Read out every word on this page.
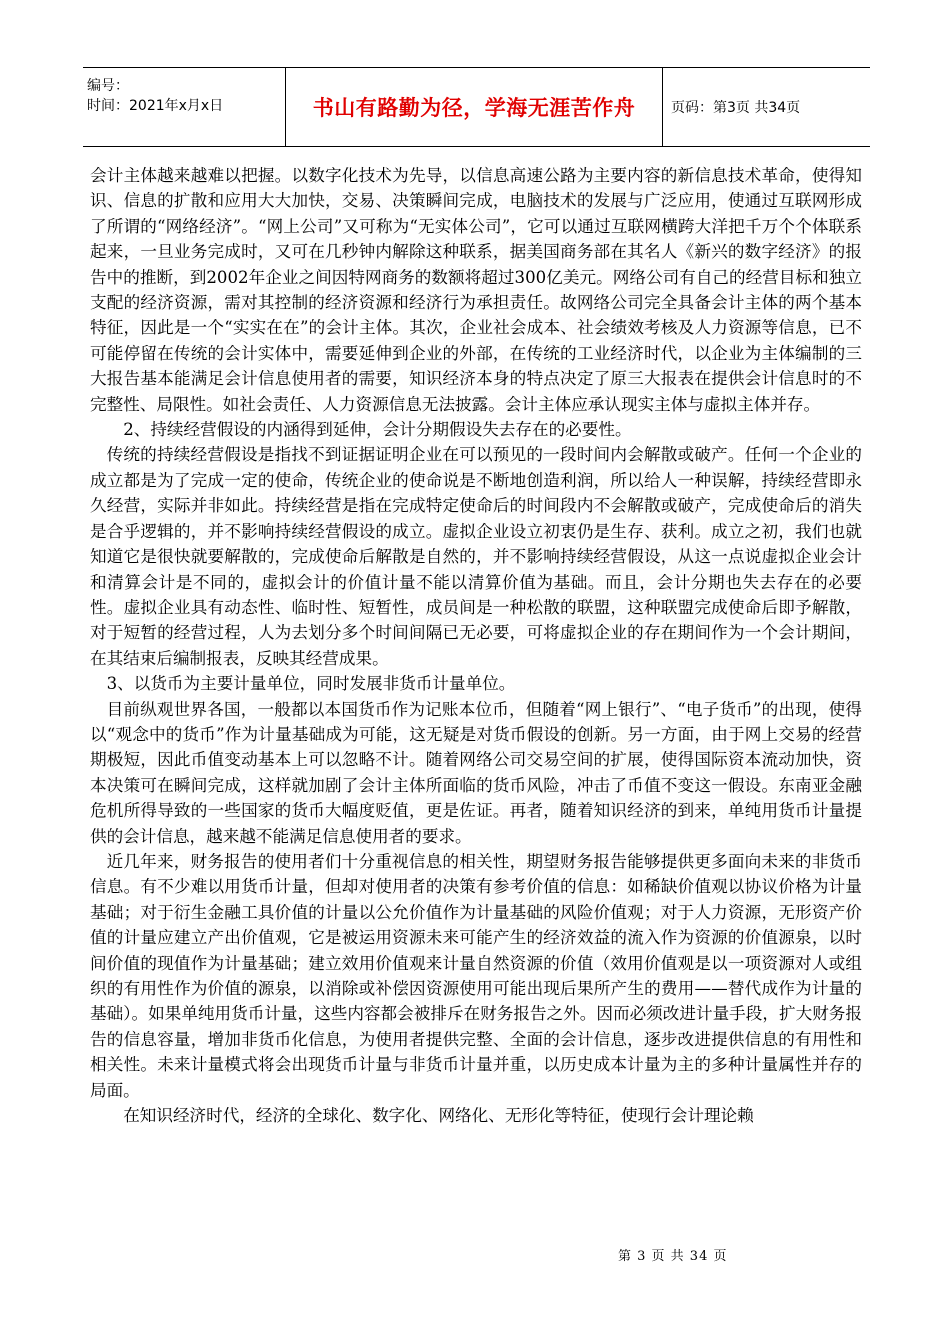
编号：
时间：2021年x月x日	书山有路勤为径，学海无涯苦作舟	页码：第3页 共34页

会计主体越来越难以把握。以数字化技术为先导，以信息高速公路为主要内容的新信息技术革命，使得知识、信息的扩散和应用大大加快，交易、决策瞬间完成，电脑技术的发展与广泛应用，使通过互联网形成了所谓的“网络经济”。“网上公司”又可称为“无实体公司”，它可以通过互联网横跨大洋把千万个个体联系起来，一旦业务完成时，又可在几秒钟内解除这种联系，据美国商务部在其名人《新兴的数字经济》的报告中的推断，到2002年企业之间因特网商务的数额将超过300亿美元。网络公司有自己的经营目标和独立支配的经济资源，需对其控制的经济资源和经济行为承担责任。故网络公司完全具备会计主体的两个基本特征，因此是一个“实实在在”的会计主体。其次，企业社会成本、社会绩效考核及人力资源等信息，已不可能停留在传统的会计实体中，需要延伸到企业的外部，在传统的工业经济时代，以企业为主体编制的三大报告基本能满足会计信息使用者的需要，知识经济本身的特点决定了原三大报表在提供会计信息时的不完整性、局限性。如社会责任、人力资源信息无法披露。会计主体应承认现实主体与虚拟主体并存。

2、持续经营假设的内涵得到延伸，会计分期假设失去存在的必要性。

传统的持续经营假设是指找不到证据证明企业在可以预见的一段时间内会解散或破产。任何一个企业的成立都是为了完成一定的使命，传统企业的使命说是不断地创造利润，所以给人一种误解，持续经营即永久经营，实际并非如此。持续经营是指在完成特定使命后的时间段内不会解散或破产，完成使命后的消失是合乎逻辑的，并不影响持续经营假设的成立。虚拟企业设立初衷仍是生存、获利。成立之初，我们也就知道它是很快就要解散的，完成使命后解散是自然的，并不影响持续经营假设，从这一点说虚拟企业会计和清算会计是不同的，虚拟会计的价值计量不能以清算价值为基础。而且，会计分期也失去存在的必要性。虚拟企业具有动态性、临时性、短暂性，成员间是一种松散的联盟，这种联盟完成使命后即予解散，对于短暂的经营过程，人为去划分多个时间间隔已无必要，可将虚拟企业的存在期间作为一个会计期间，在其结束后编制报表，反映其经营成果。

3、以货币为主要计量单位，同时发展非货币计量单位。

目前纵观世界各国，一般都以本国货币作为记账本位币，但随着“网上银行”、“电子货币”的出现，使得以“观念中的货币”作为计量基础成为可能，这无疑是对货币假设的创新。另一方面，由于网上交易的经营期极短，因此币值变动基本上可以忽略不计。随着网络公司交易空间的扩展，使得国际资本流动加快，资本决策可在瞬间完成，这样就加剧了会计主体所面临的货币风险，冲击了币值不变这一假设。东南亚金融危机所得导致的一些国家的货币大幅度贬值，更是佐证。再者，随着知识经济的到来，单纯用货币计量提供的会计信息，越来越不能满足信息使用者的要求。

近几年来，财务报告的使用者们十分重视信息的相关性，期望财务报告能够提供更多面向未来的非货币信息。有不少难以用货币计量，但却对使用者的决策有参考价值的信息：如稀缺价值观以协议价格为计量基础；对于衍生金融工具价值的计量以公允价值作为计量基础的风险价值观；对于人力资源，无形资产价值的计量应建立产出价值观，它是被运用资源未来可能产生的经济效益的流入作为资源的价值源泉，以时间价值的现值作为计量基础；建立效用价值观来计量自然资源的价值（效用价值观是以一项资源对人或组织的有用性作为价值的源泉，以消除或补偿因资源使用可能出现后果所产生的费用——替代成作为计量的基础）。如果单纯用货币计量，这些内容都会被排斥在财务报告之外。因而必须改进计量手段，扩大财务报告的信息容量，增加非货币化信息，为使用者提供完整、全面的会计信息，逐步改进提供信息的有用性和相关性。未来计量模式将会出现货币计量与非货币计量并重，以历史成本计量为主的多种计量属性并存的局面。

在知识经济时代，经济的全球化、数字化、网络化、无形化等特征，使现行会计理论赖

第 3 页 共 34 页
